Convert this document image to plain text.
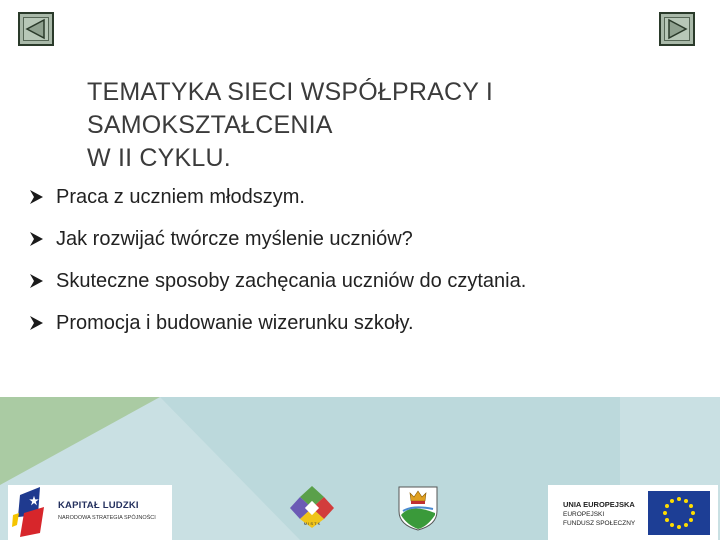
TEMATYKA SIECI WSPÓŁPRACY I
SAMOKSZTAŁCENIA
W II CYKLU.
Praca z uczniem młodszym.
Jak rozwijać twórcze myślenie uczniów?
Skuteczne sposoby zachęcania uczniów do czytania.
Promocja i budowanie wizerunku szkoły.
KAPITAŁ LUDZKI
NARODOWA STRATEGIA SPÓJNOŚCI
M I S T K
UNIA EUROPEJSKA
EUROPEJSKI
FUNDUSZ SPOŁECZNY
